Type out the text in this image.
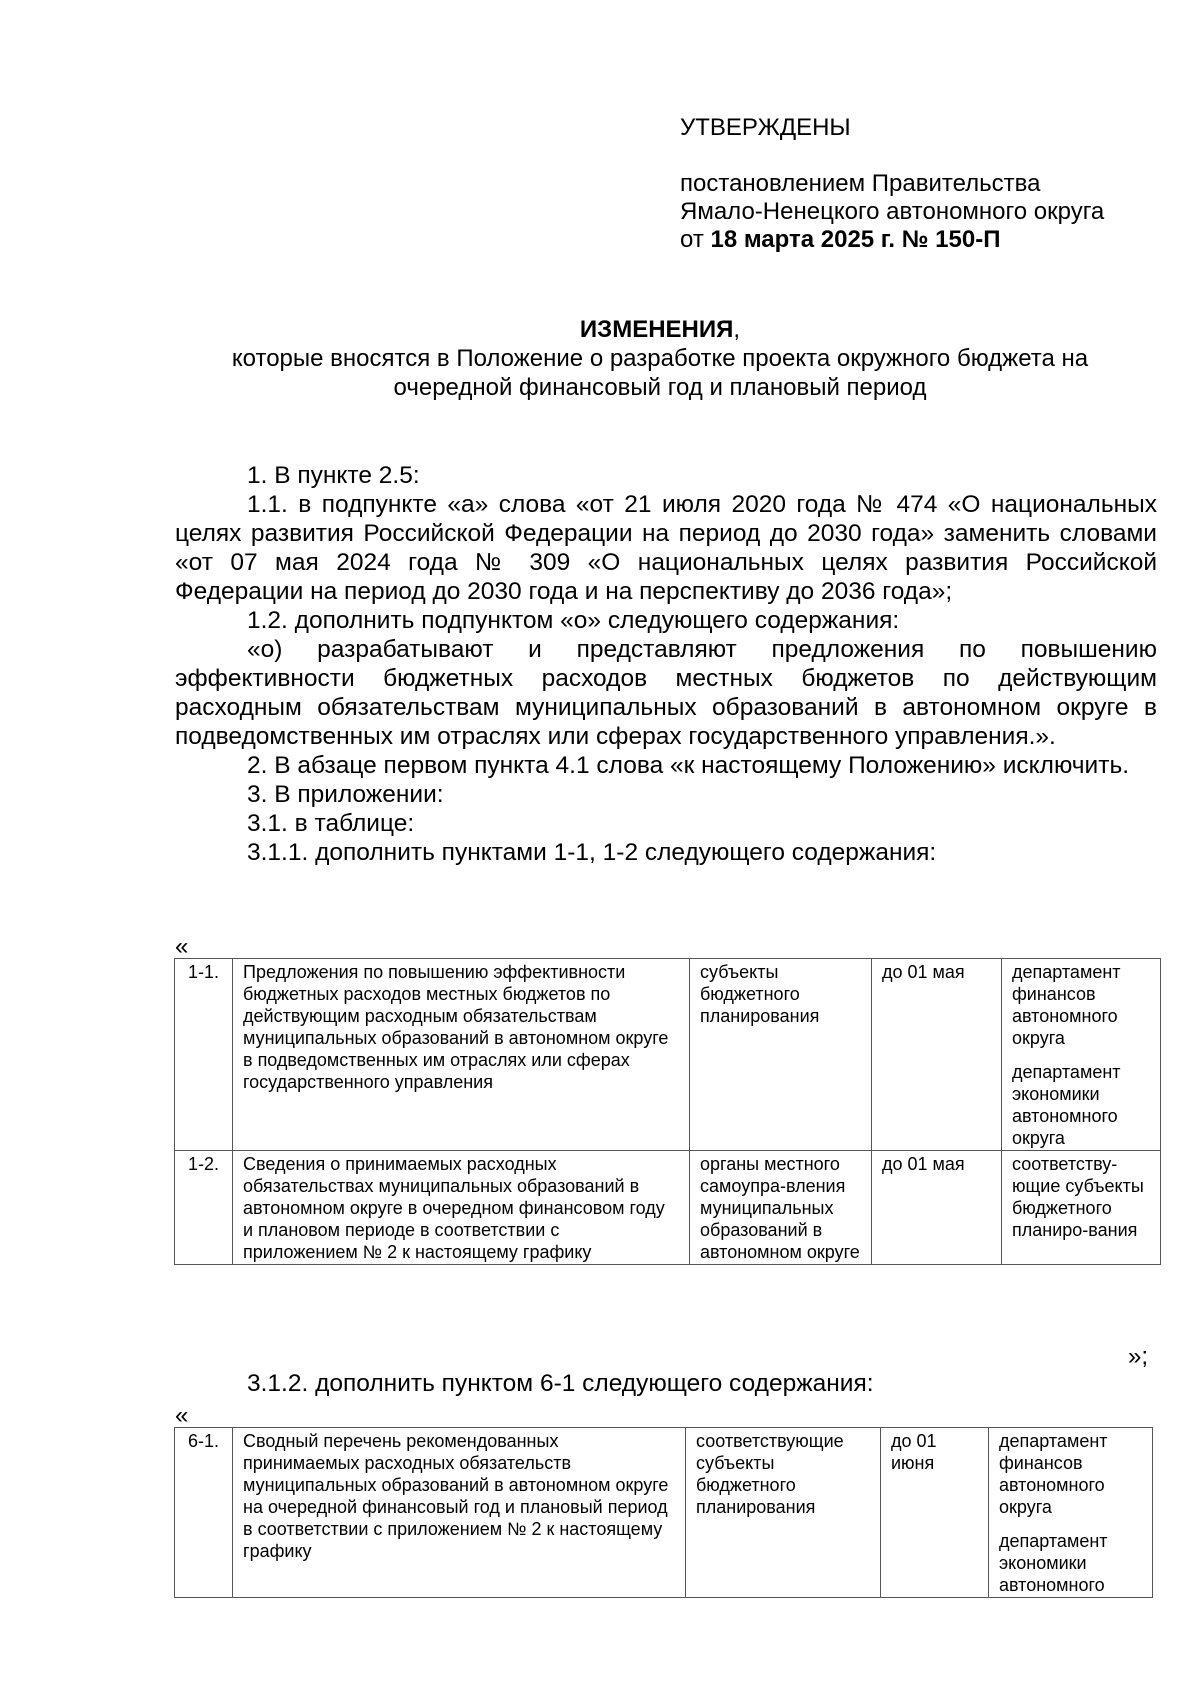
УТВЕРЖДЕНЫ
постановлением Правительства
Ямало-Ненецкого автономного округа
от 18 марта 2025 г. № 150-П
ИЗМЕНЕНИЯ,
которые вносятся в Положение о разработке проекта окружного бюджета на
очередной финансовый год и плановый период

1. В пункте 2.5:

1.1. в подпункте «а» слова «от 21 июля 2020 года № 474 «О национальных целях развития Российской Федерации на период до 2030 года» заменить словами «от 07 мая 2024 года № 309 «О национальных целях развития Российской Федерации на период до 2030 года и на перспективу до 2036 года»;

1.2. дополнить подпунктом «о» следующего содержания:

«о) разрабатывают и представляют предложения по повышению эффективности бюджетных расходов местных бюджетов по действующим расходным обязательствам муниципальных образований в автономном округе в подведомственных им отраслях или сферах государственного управления.».

2. В абзаце первом пункта 4.1 слова «к настоящему Положению» исключить.

3. В приложении:

3.1. в таблице:

3.1.1. дополнить пунктами 1-1, 1-2 следующего содержания:

«
1-1.	Предложения по повышению эффективности бюджетных расходов местных бюджетов по действующим расходным обязательствам муниципальных образований в автономном округе в подведомственных им отраслях или сферах государственного управления	субъекты бюджетного планирования	до 01 мая	департамент финансов автономного округа
департамент экономики автономного округа

1-2.	Сведения о принимаемых расходных обязательствах муниципальных образований в автономном округе в очередном финансовом году и плановом периоде в соответствии с приложением № 2 к настоящему графику	органы местного самоупра-вления муниципальных образований в автономном округе	до 01 мая	соответству-ющие субъекты бюджетного планиро-вания
»;

3.1.2. дополнить пунктом 6-1 следующего содержания:

«
6-1.	Сводный перечень рекомендованных принимаемых расходных обязательств муниципальных образований в автономном округе на очередной финансовый год и плановый период в соответствии с приложением № 2 к настоящему графику	соответствующие субъекты бюджетного планирования	до 01 июня	
департамент финансов автономного округа
департамент экономики автономного
